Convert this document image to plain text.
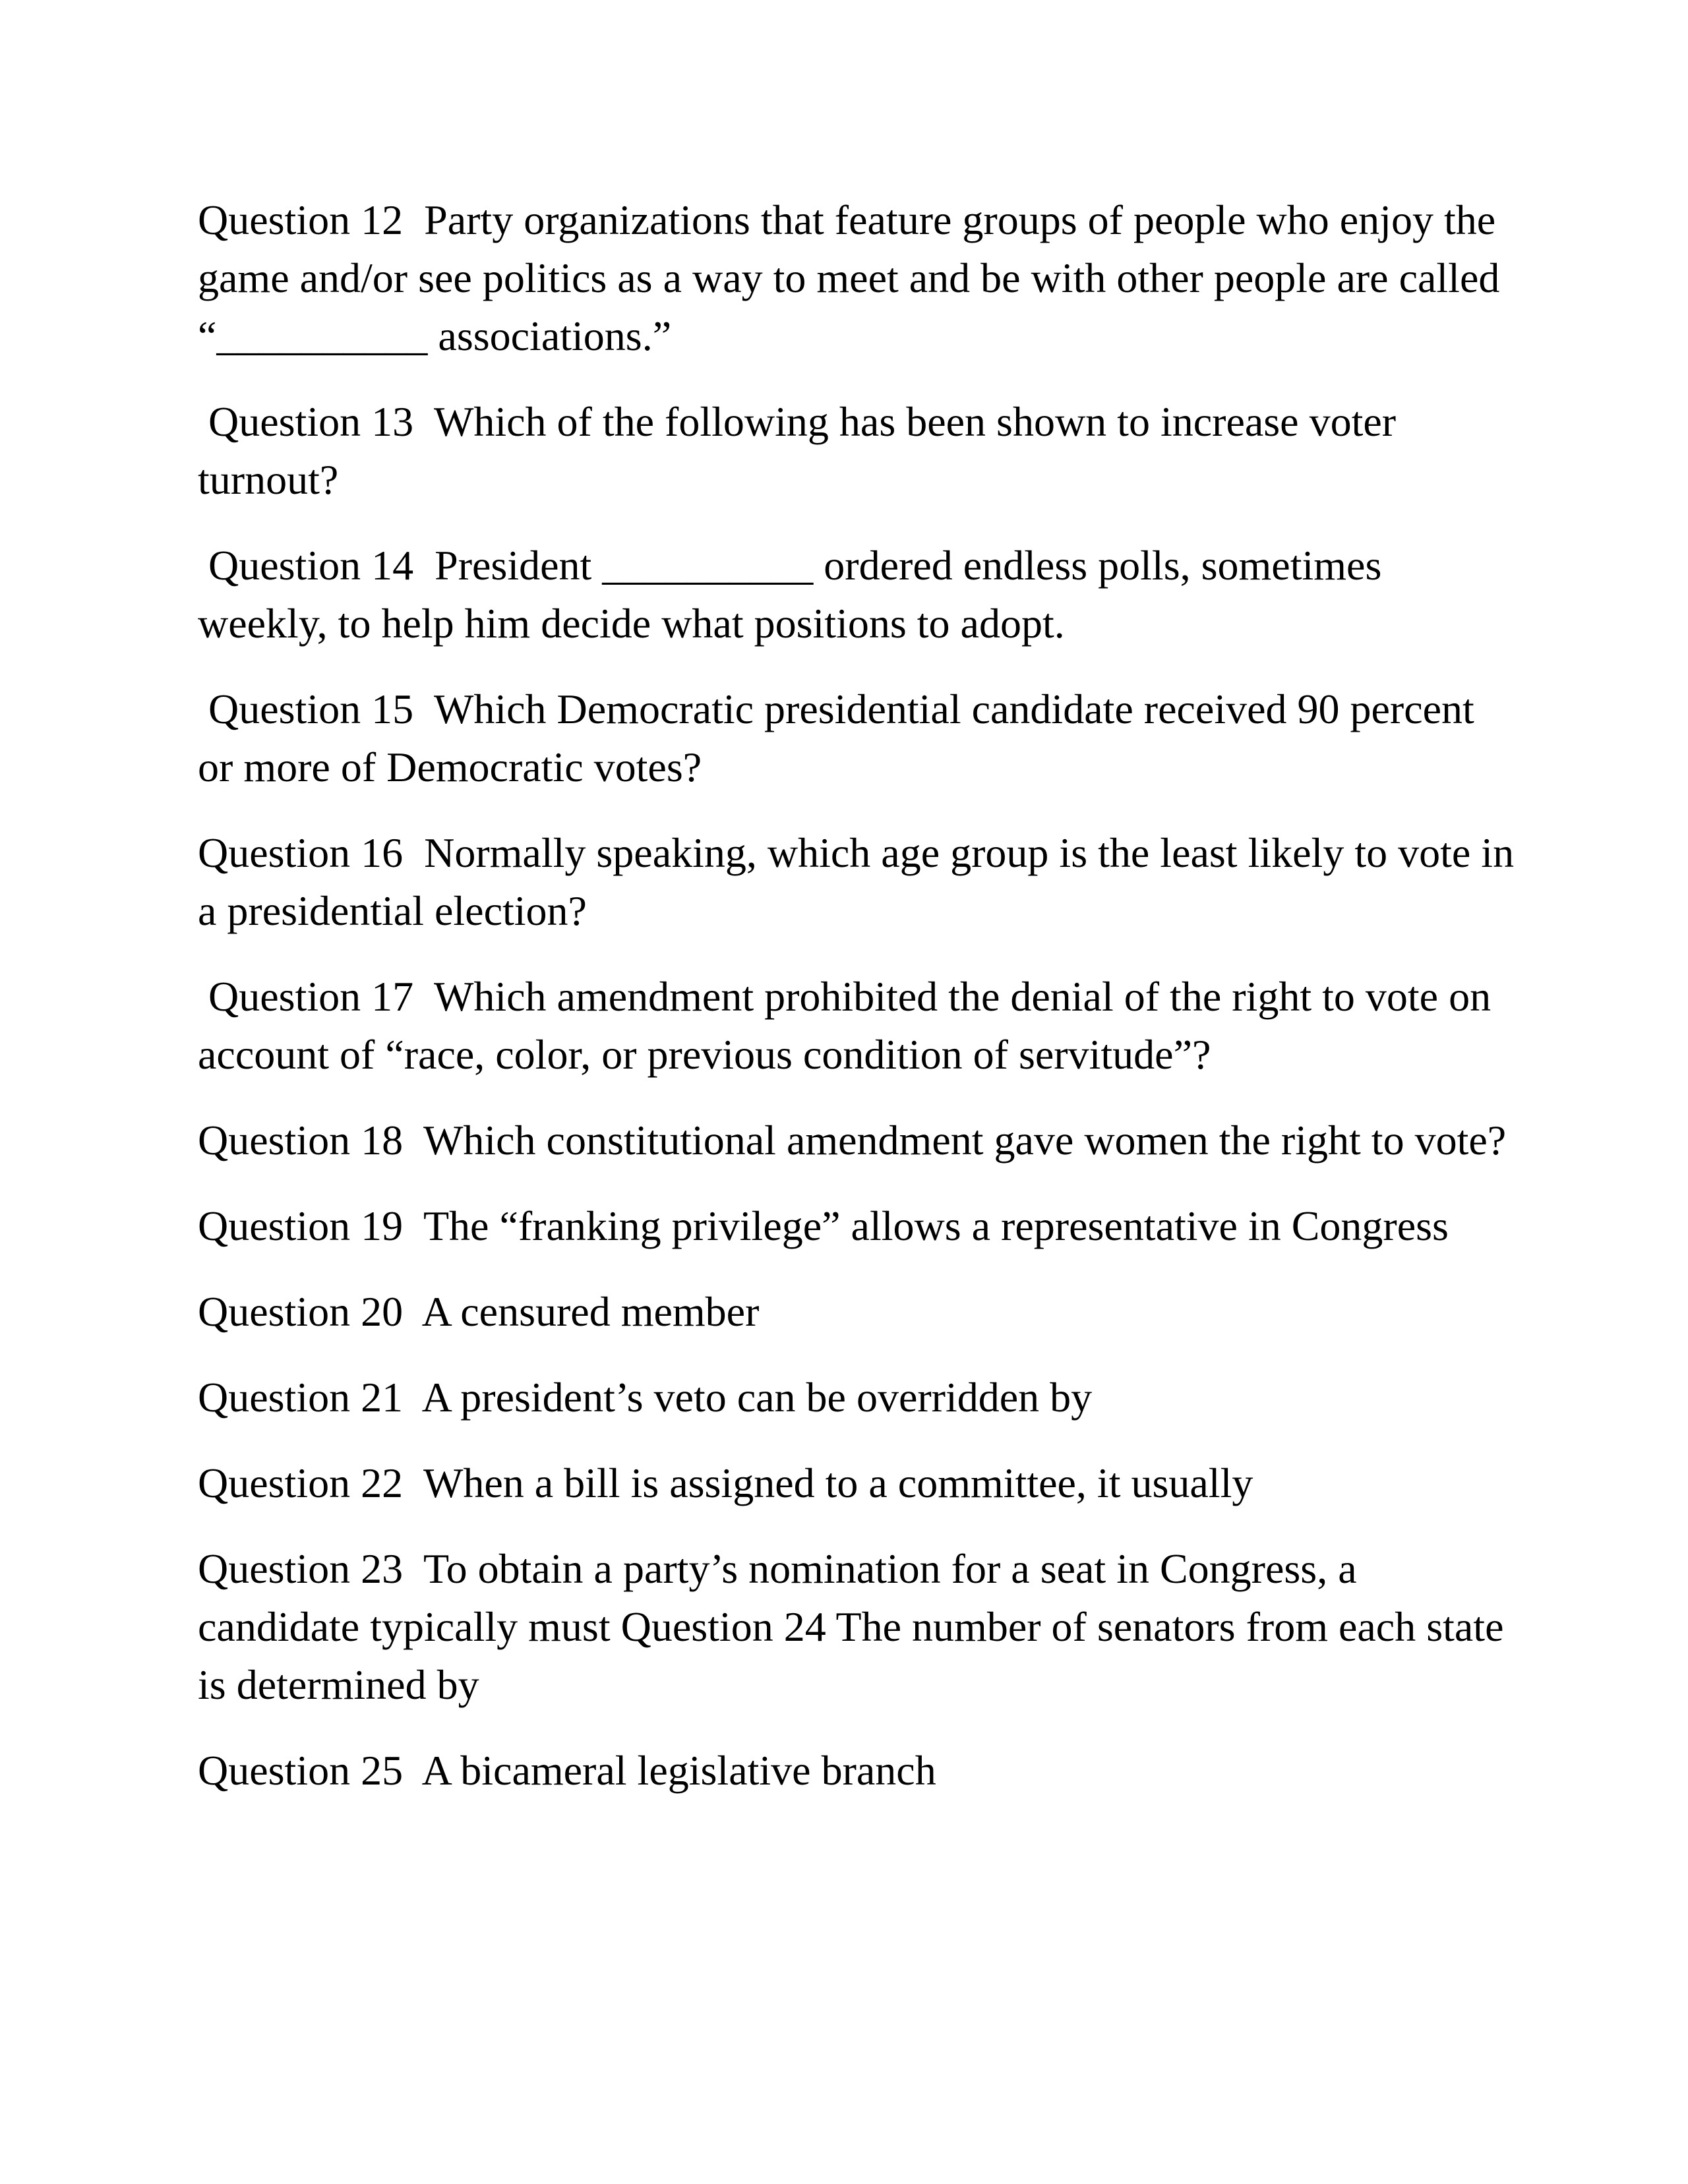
Question 12 Party organizations that feature groups of people who enjoy the game and/or see politics as a way to meet and be with other people are called “__________ associations.”

Question 13 Which of the following has been shown to increase voter turnout?

Question 14 President __________ ordered endless polls, sometimes weekly, to help him decide what positions to adopt.

Question 15 Which Democratic presidential candidate received 90 percent or more of Democratic votes?

Question 16 Normally speaking, which age group is the least likely to vote in a presidential election?

Question 17 Which amendment prohibited the denial of the right to vote on account of “race, color, or previous condition of servitude”?

Question 18 Which constitutional amendment gave women the right to vote?

Question 19 The “franking privilege” allows a representative in Congress

Question 20 A censured member

Question 21 A president’s veto can be overridden by

Question 22 When a bill is assigned to a committee, it usually

Question 23 To obtain a party’s nomination for a seat in Congress, a candidate typically must Question 24 The number of senators from each state is determined by

Question 25 A bicameral legislative branch
